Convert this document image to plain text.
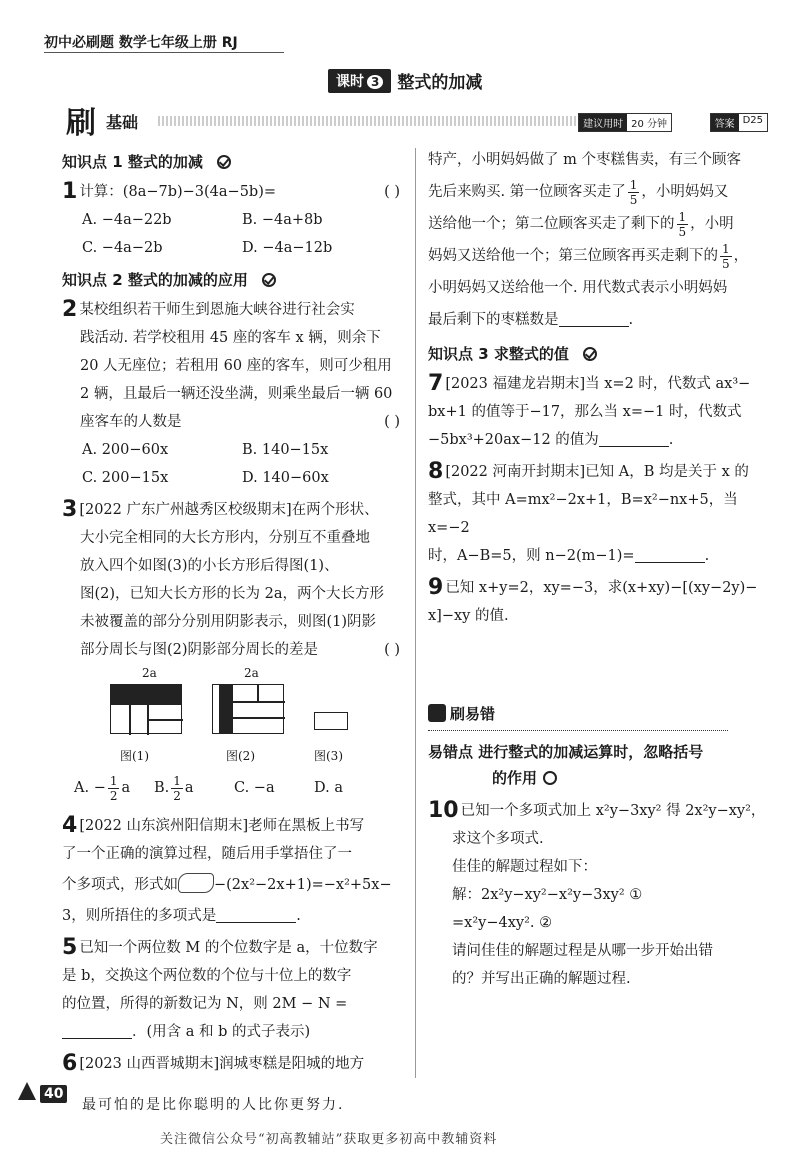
初中必刷题 数学七年级上册 RJ
课时 3	整式的加减
刷 基础	建议用时 20 分钟	答案 D25
知识点 1 整式的加减
1 计算：(8a−7b)−3(4a−5b)=	( )
A. −4a−22b	B. −4a+8b
C. −4a−2b	D. −4a−12b
知识点 2 整式的加减的应用
2 某校组织若干师生到恩施大峡谷进行社会实
践活动. 若学校租用 45 座的客车 x 辆，则余下
20 人无座位；若租用 60 座的客车，则可少租用
2 辆，且最后一辆还没坐满，则乘坐最后一辆 60
座客车的人数是	( )
A. 200−60x	B. 140−15x
C. 200−15x	D. 140−60x
3 [2022 广东广州越秀区校级期末]在两个形状、
大小完全相同的大长方形内，分别互不重叠地
放入四个如图(3)的小长方形后得图(1)、
图(2)，已知大长方形的长为 2a，两个大长方形
未被覆盖的部分分别用阴影表示，则图(1)阴影
部分周长与图(2)阴影部分周长的差是	( )
2a	2a
图(1)	图(2)	图(3)
A. − $\frac{1}{2}$ a	B. $\frac{1}{2}$ a	C. −a	D. a
4 [2022 山东滨州阳信期末]老师在黑板上书写
了一个正确的演算过程，随后用手掌捂住了一
个多项式，形式如 −(2x²−2x+1)=−x²+5x−
3，则所捂住的多项式是	.
5 已知一个两位数 M 的个位数字是 a，十位数字
是 b，交换这个两位数的个位与十位上的数字
的位置，所得的新数记为 N，则 2M − N =
．(用含 a 和 b 的式子表示)
6 [2023 山西晋城期末]润城枣糕是阳城的地方
特产，小明妈妈做了 m 个枣糕售卖，有三个顾客
先后来购买. 第一位顾客买走了 $\frac{1}{5}$ ，小明妈妈又
送给他一个；第二位顾客买走了剩下的 $\frac{1}{5}$ ，小明
妈妈又送给他一个；第三位顾客再买走剩下的 $\frac{1}{5}$ ，
小明妈妈又送给他一个. 用代数式表示小明妈妈
最后剩下的枣糕数是	.
知识点 3 求整式的值
7 [2023 福建龙岩期末]当 x=2 时，代数式 ax³−
bx+1 的值等于−17，那么当 x=−1 时，代数式
−5bx³+20ax−12 的值为	.
8 [2022 河南开封期末]已知 A，B 均是关于 x 的
整式，其中 A=mx²−2x+1，B=x²−nx+5，当 x=−2
时，A−B=5，则 n−2(m−1)=	.
9 已知 x+y=2，xy=−3，求(x+xy)−[(xy−2y)−
x]−xy 的值.
刷易错
易错点 进行整式的加减运算时，忽略括号
的作用
10 已知一个多项式加上 x²y−3xy² 得 2x²y−xy²，
求这个多项式.
佳佳的解题过程如下：
解：2x²y−xy²−x²y−3xy² ①
=x²y−4xy². ②
请问佳佳的解题过程是从哪一步开始出错
的？并写出正确的解题过程.
40
最可怕的是比你聪明的人比你更努力.
关注微信公众号“初高教辅站”获取更多初高中教辅资料
